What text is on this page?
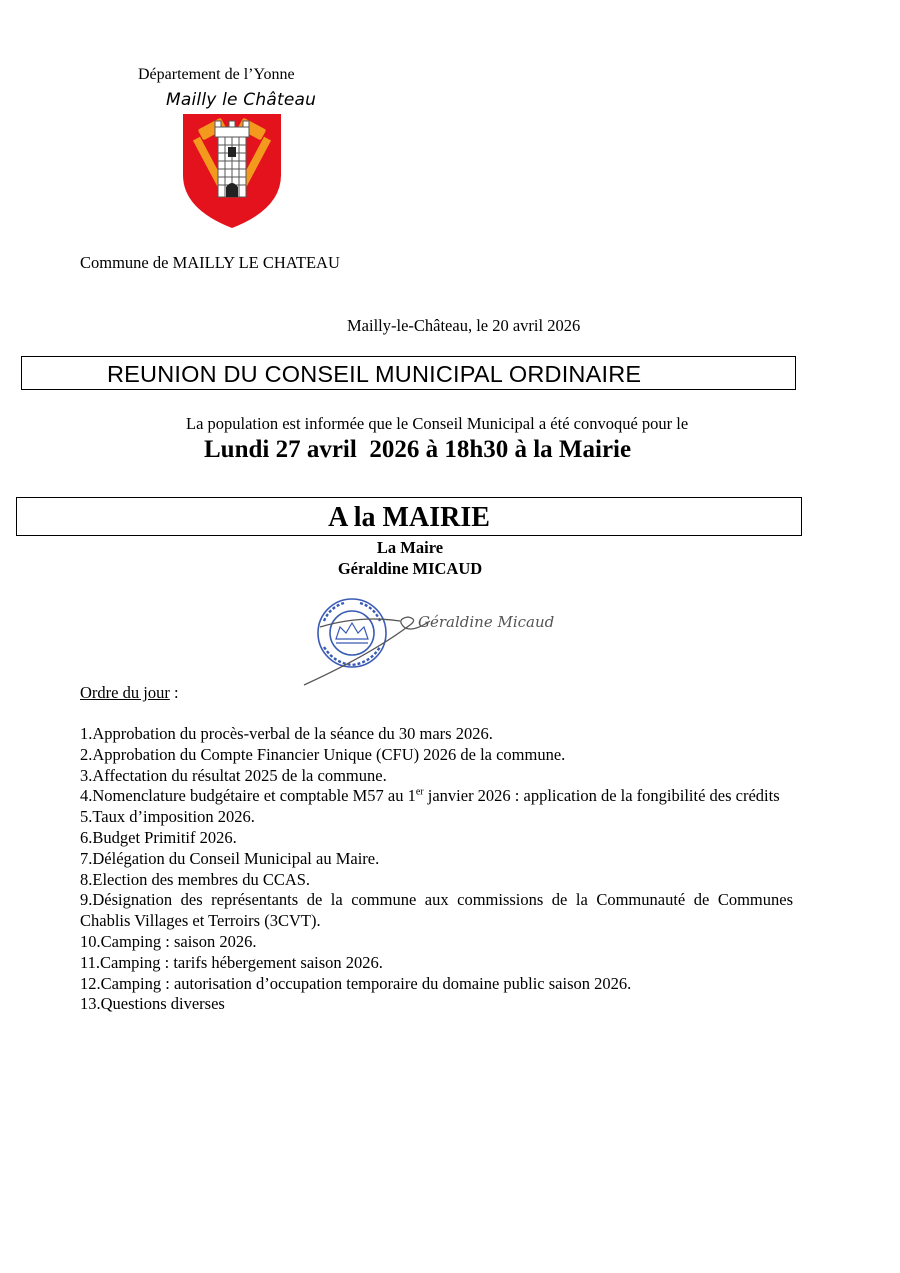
Département de l’Yonne
Mailly le Château
Commune de MAILLY LE CHATEAU
Mailly-le-Château, le 20 avril 2026
REUNION DU CONSEIL MUNICIPAL ORDINAIRE
La population est informée que le Conseil Municipal a été convoqué pour le
Lundi 27 avril  2026 à 18h30 à la Mairie
A la MAIRIE
La Maire
Géraldine MICAUD
Géraldine Micaud
Ordre du jour :
1.Approbation du procès-verbal de la séance du 30 mars 2026.
2.Approbation du Compte Financier Unique (CFU) 2026 de la commune.
3.Affectation du résultat 2025 de la commune.
4.Nomenclature budgétaire et comptable M57 au 1er janvier 2026 : application de la fongibilité des crédits
5.Taux d’imposition 2026.
6.Budget Primitif 2026.
7.Délégation du Conseil Municipal au Maire.
8.Election des membres du CCAS.
9.Désignation des représentants de la commune aux commissions de la Communauté de Communes Chablis Villages et Terroirs (3CVT).
10.Camping : saison 2026.
11.Camping : tarifs hébergement saison 2026.
12.Camping : autorisation d’occupation temporaire du domaine public saison 2026.
13.Questions diverses
